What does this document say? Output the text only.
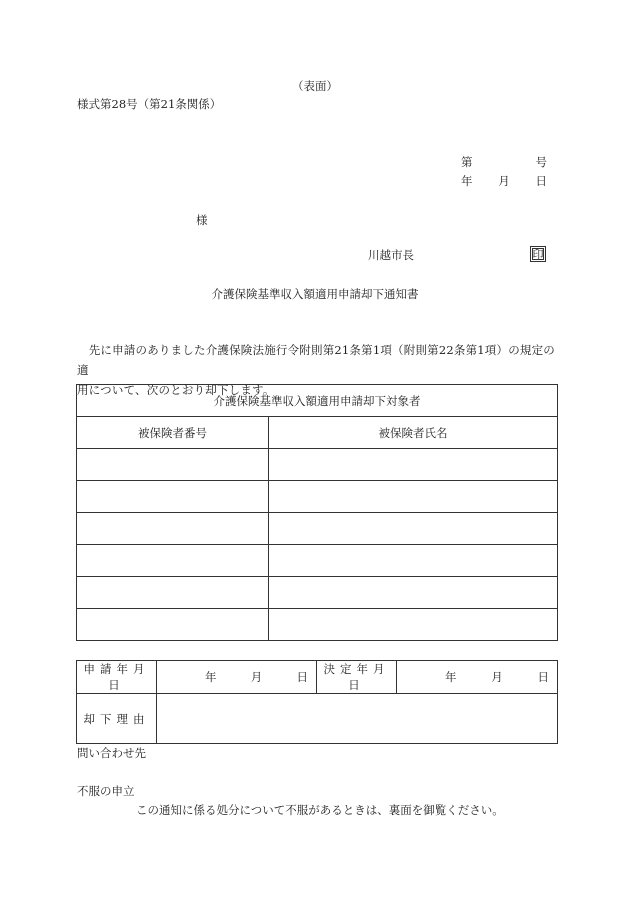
（表面）
様式第28号（第21条関係）
第	号
年 月 日
様
川越市長	印
介護保険基準収入額適用申請却下通知書

　先に申請のありました介護保険法施行令附則第21条第1項（附則第22条第1項）の規定の適

用について、次のとおり却下します。

介護保険基準収入額適用申請却下対象者	
被保険者番号	被保険者氏名

申請年月日	年 月 日	決定年月日	年 月 日

却下理由			
問い合わせ先
不服の申立
この通知に係る処分について不服があるときは、裏面を御覧ください。
